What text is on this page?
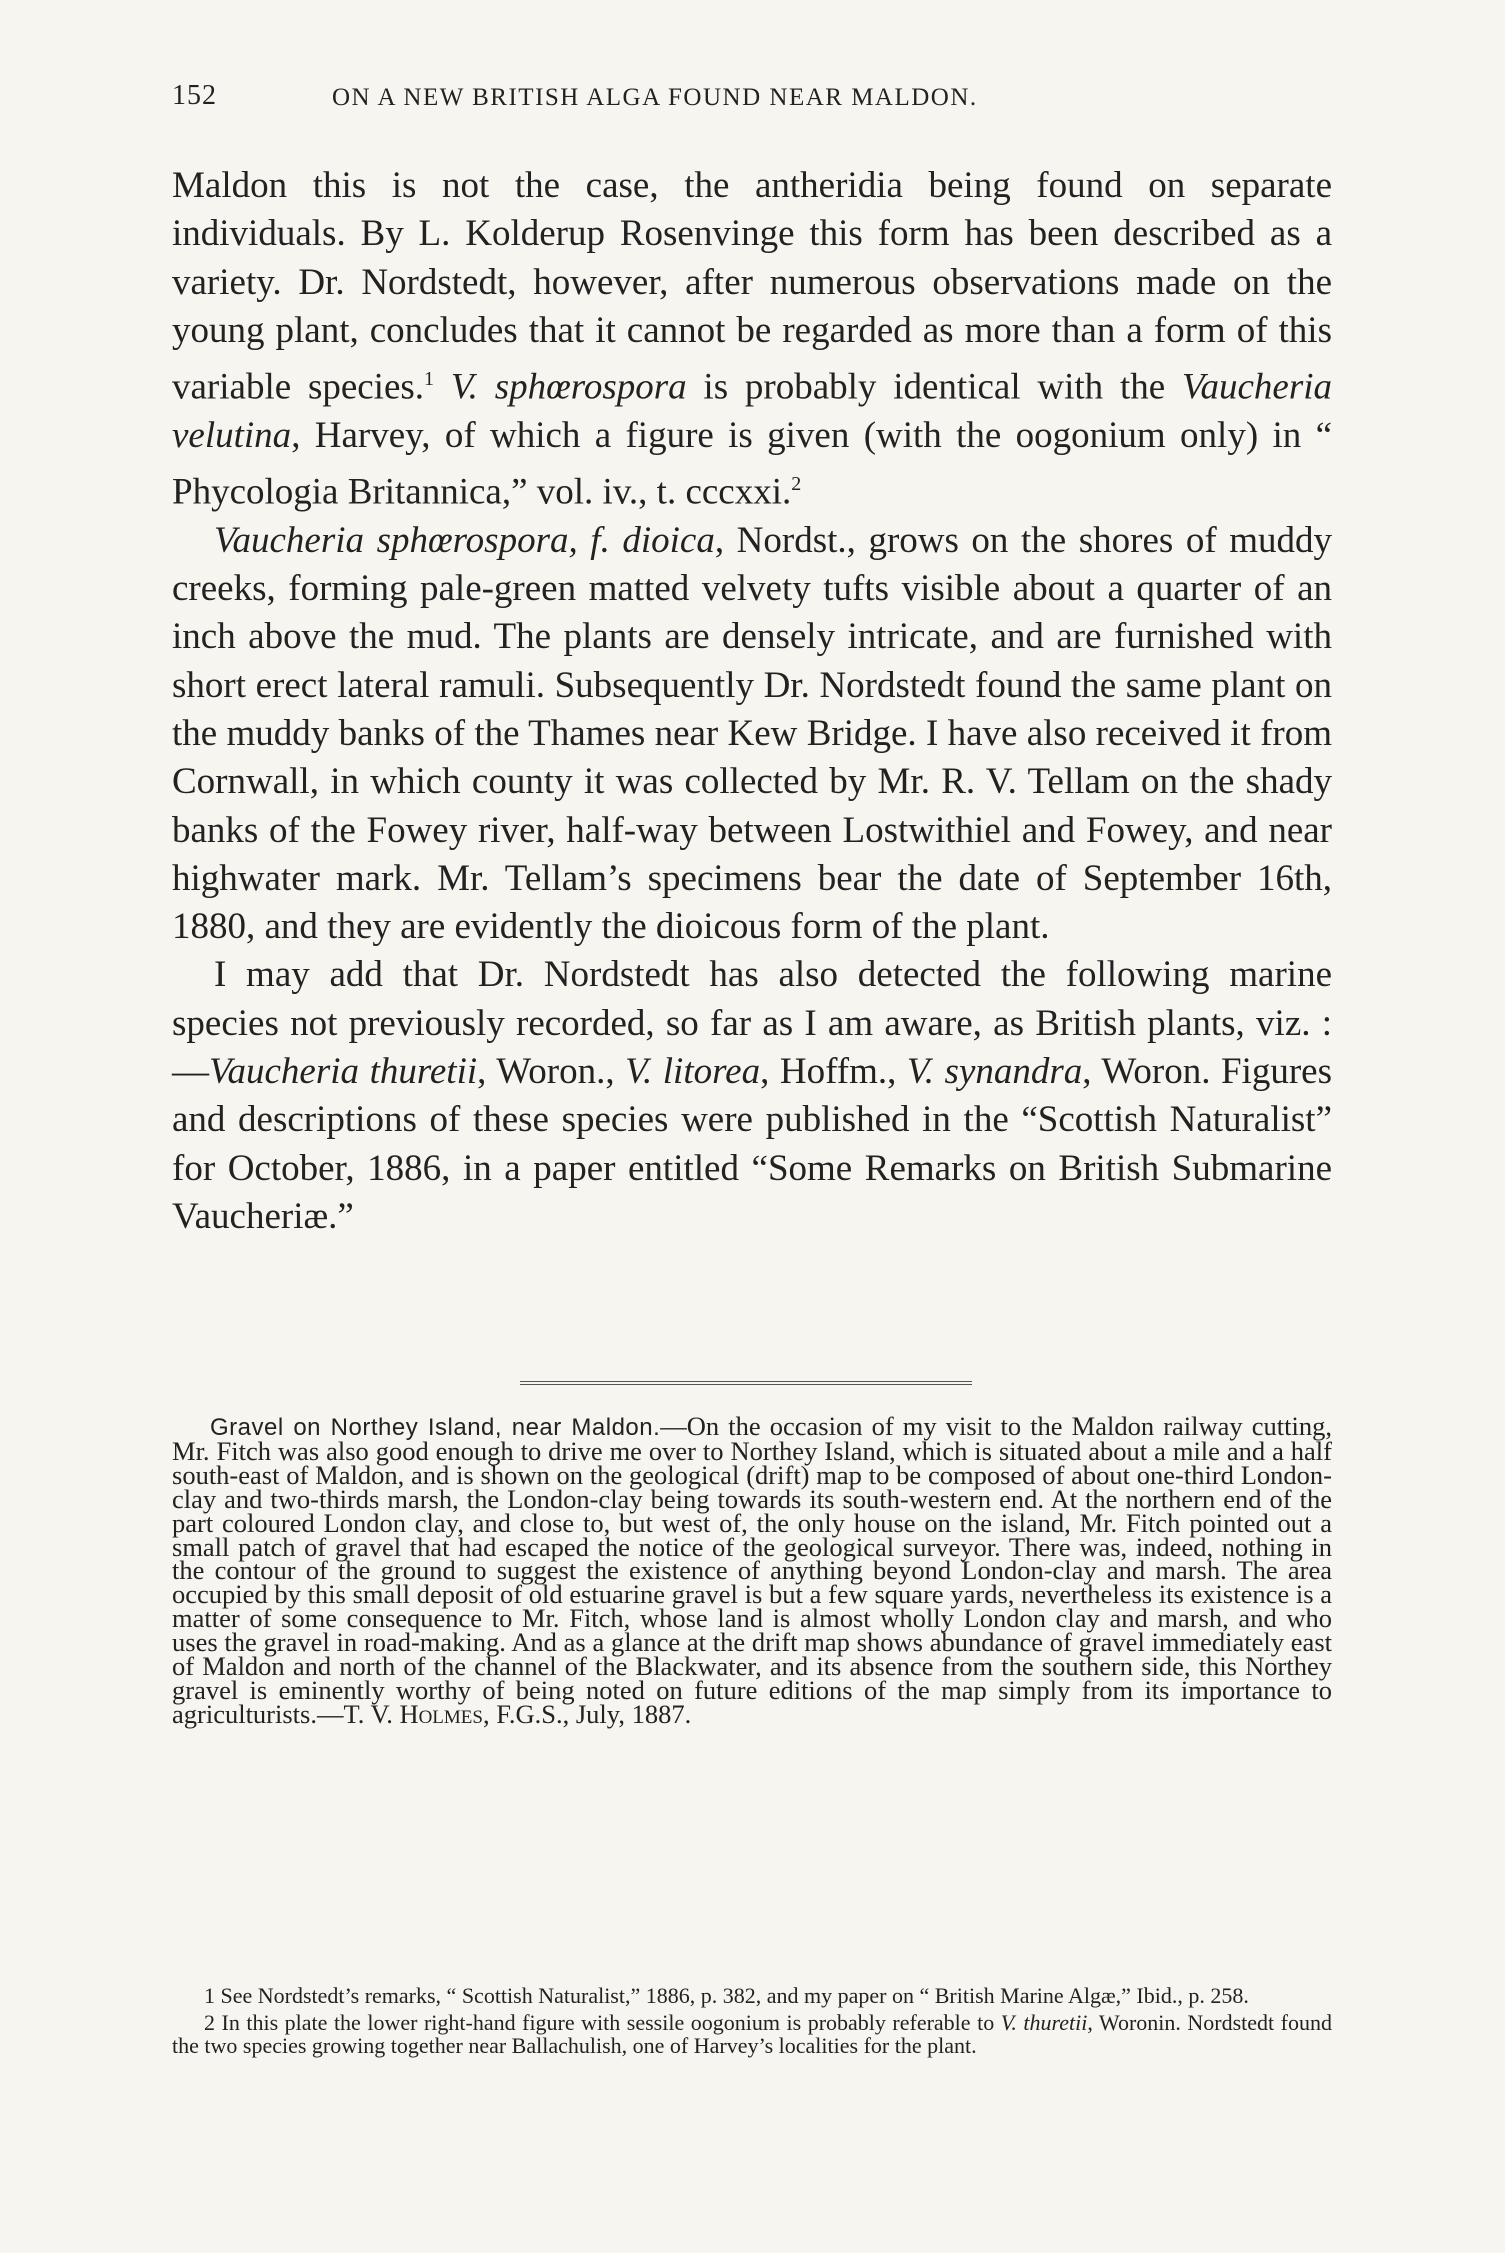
152	ON A NEW BRITISH ALGA FOUND NEAR MALDON.

Maldon this is not the case, the antheridia being found on separate individuals. By L. Kolderup Rosenvinge this form has been described as a variety. Dr. Nordstedt, however, after numerous observations made on the young plant, concludes that it cannot be regarded as more than a form of this variable species.$^1$ V. sphœrospora is probably identical with the Vaucheria velutina, Harvey, of which a figure is given (with the oogonium only) in “ Phycologia Britannica,” vol. iv., t. cccxxi.$^2$

Vaucheria sphœrospora, f. dioica, Nordst., grows on the shores of muddy creeks, forming pale-green matted velvety tufts visible about a quarter of an inch above the mud. The plants are densely intricate, and are furnished with short erect lateral ramuli. Subsequently Dr. Nordstedt found the same plant on the muddy banks of the Thames near Kew Bridge. I have also received it from Cornwall, in which county it was collected by Mr. R. V. Tellam on the shady banks of the Fowey river, half-way between Lostwithiel and Fowey, and near highwater mark. Mr. Tellam’s specimens bear the date of September 16th, 1880, and they are evidently the dioicous form of the plant.

I may add that Dr. Nordstedt has also detected the following marine species not previously recorded, so far as I am aware, as British plants, viz. :—Vaucheria thuretii, Woron., V. litorea, Hoffm., V. synandra, Woron. Figures and descriptions of these species were published in the “Scottish Naturalist” for October, 1886, in a paper entitled “Some Remarks on British Submarine Vaucheriæ.”

Gravel on Northey Island, near Maldon.—On the occasion of my visit to the Maldon railway cutting, Mr. Fitch was also good enough to drive me over to Northey Island, which is situated about a mile and a half south-east of Maldon, and is shown on the geological (drift) map to be composed of about one-third London-clay and two-thirds marsh, the London-clay being towards its south-western end. At the northern end of the part coloured London clay, and close to, but west of, the only house on the island, Mr. Fitch pointed out a small patch of gravel that had escaped the notice of the geological surveyor. There was, indeed, nothing in the contour of the ground to suggest the existence of anything beyond London-clay and marsh. The area occupied by this small deposit of old estuarine gravel is but a few square yards, nevertheless its existence is a matter of some consequence to Mr. Fitch, whose land is almost wholly London clay and marsh, and who uses the gravel in road-making. And as a glance at the drift map shows abundance of gravel immediately east of Maldon and north of the channel of the Blackwater, and its absence from the southern side, this Northey gravel is eminently worthy of being noted on future editions of the map simply from its importance to agriculturists.—T. V. Holmes, F.G.S., July, 1887.

1 See Nordstedt’s remarks, “ Scottish Naturalist,” 1886, p. 382, and my paper on “ British Marine Algæ,” Ibid., p. 258.

2 In this plate the lower right-hand figure with sessile oogonium is probably referable to V. thuretii, Woronin. Nordstedt found the two species growing together near Ballachulish, one of Harvey’s localities for the plant.
